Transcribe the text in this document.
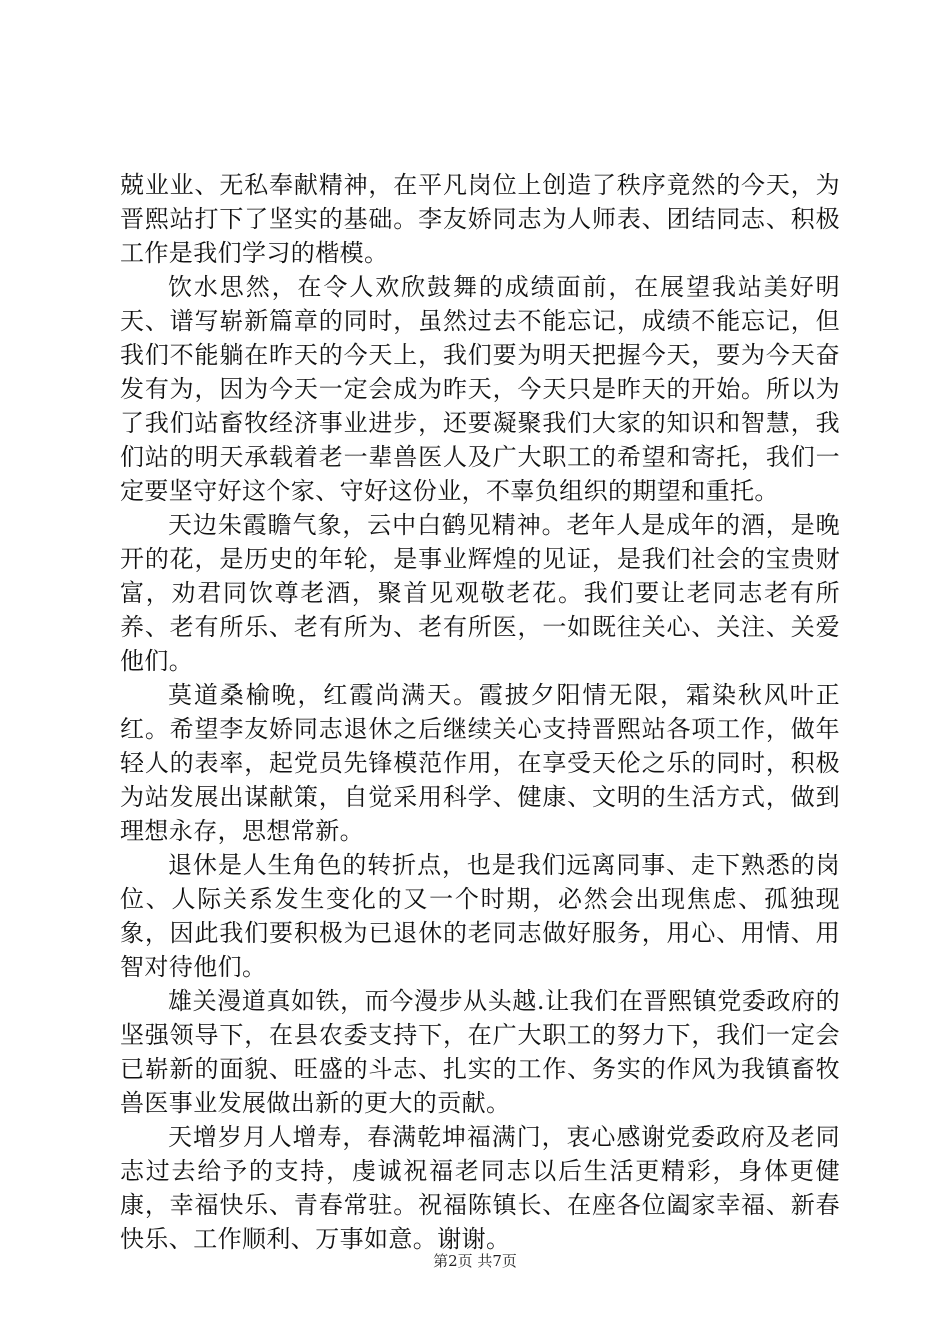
兢业业、无私奉献精神，在平凡岗位上创造了秩序竟然的今天，为晋熙站打下了坚实的基础。李友娇同志为人师表、团结同志、积极工作是我们学习的楷模。

饮水思然，在令人欢欣鼓舞的成绩面前，在展望我站美好明天、谱写崭新篇章的同时，虽然过去不能忘记，成绩不能忘记，但我们不能躺在昨天的今天上，我们要为明天把握今天，要为今天奋发有为，因为今天一定会成为昨天，今天只是昨天的开始。所以为了我们站畜牧经济事业进步，还要凝聚我们大家的知识和智慧，我们站的明天承载着老一辈兽医人及广大职工的希望和寄托，我们一定要坚守好这个家、守好这份业，不辜负组织的期望和重托。

天边朱霞瞻气象，云中白鹤见精神。老年人是成年的酒，是晚开的花，是历史的年轮，是事业辉煌的见证，是我们社会的宝贵财富，劝君同饮尊老酒，聚首见观敬老花。我们要让老同志老有所养、老有所乐、老有所为、老有所医，一如既往关心、关注、关爱他们。

莫道桑榆晚，红霞尚满天。霞披夕阳情无限，霜染秋风叶正红。希望李友娇同志退休之后继续关心支持晋熙站各项工作，做年轻人的表率，起党员先锋模范作用，在享受天伦之乐的同时，积极为站发展出谋献策，自觉采用科学、健康、文明的生活方式，做到理想永存，思想常新。

退休是人生角色的转折点，也是我们远离同事、走下熟悉的岗位、人际关系发生变化的又一个时期，必然会出现焦虑、孤独现象，因此我们要积极为已退休的老同志做好服务，用心、用情、用智对待他们。

雄关漫道真如铁，而今漫步从头越.让我们在晋熙镇党委政府的坚强领导下，在县农委支持下，在广大职工的努力下，我们一定会已崭新的面貌、旺盛的斗志、扎实的工作、务实的作风为我镇畜牧兽医事业发展做出新的更大的贡献。

天增岁月人增寿，春满乾坤福满门，衷心感谢党委政府及老同志过去给予的支持，虔诚祝福老同志以后生活更精彩，身体更健康，幸福快乐、青春常驻。祝福陈镇长、在座各位阖家幸福、新春快乐、工作顺利、万事如意。谢谢。

第2页 共7页
